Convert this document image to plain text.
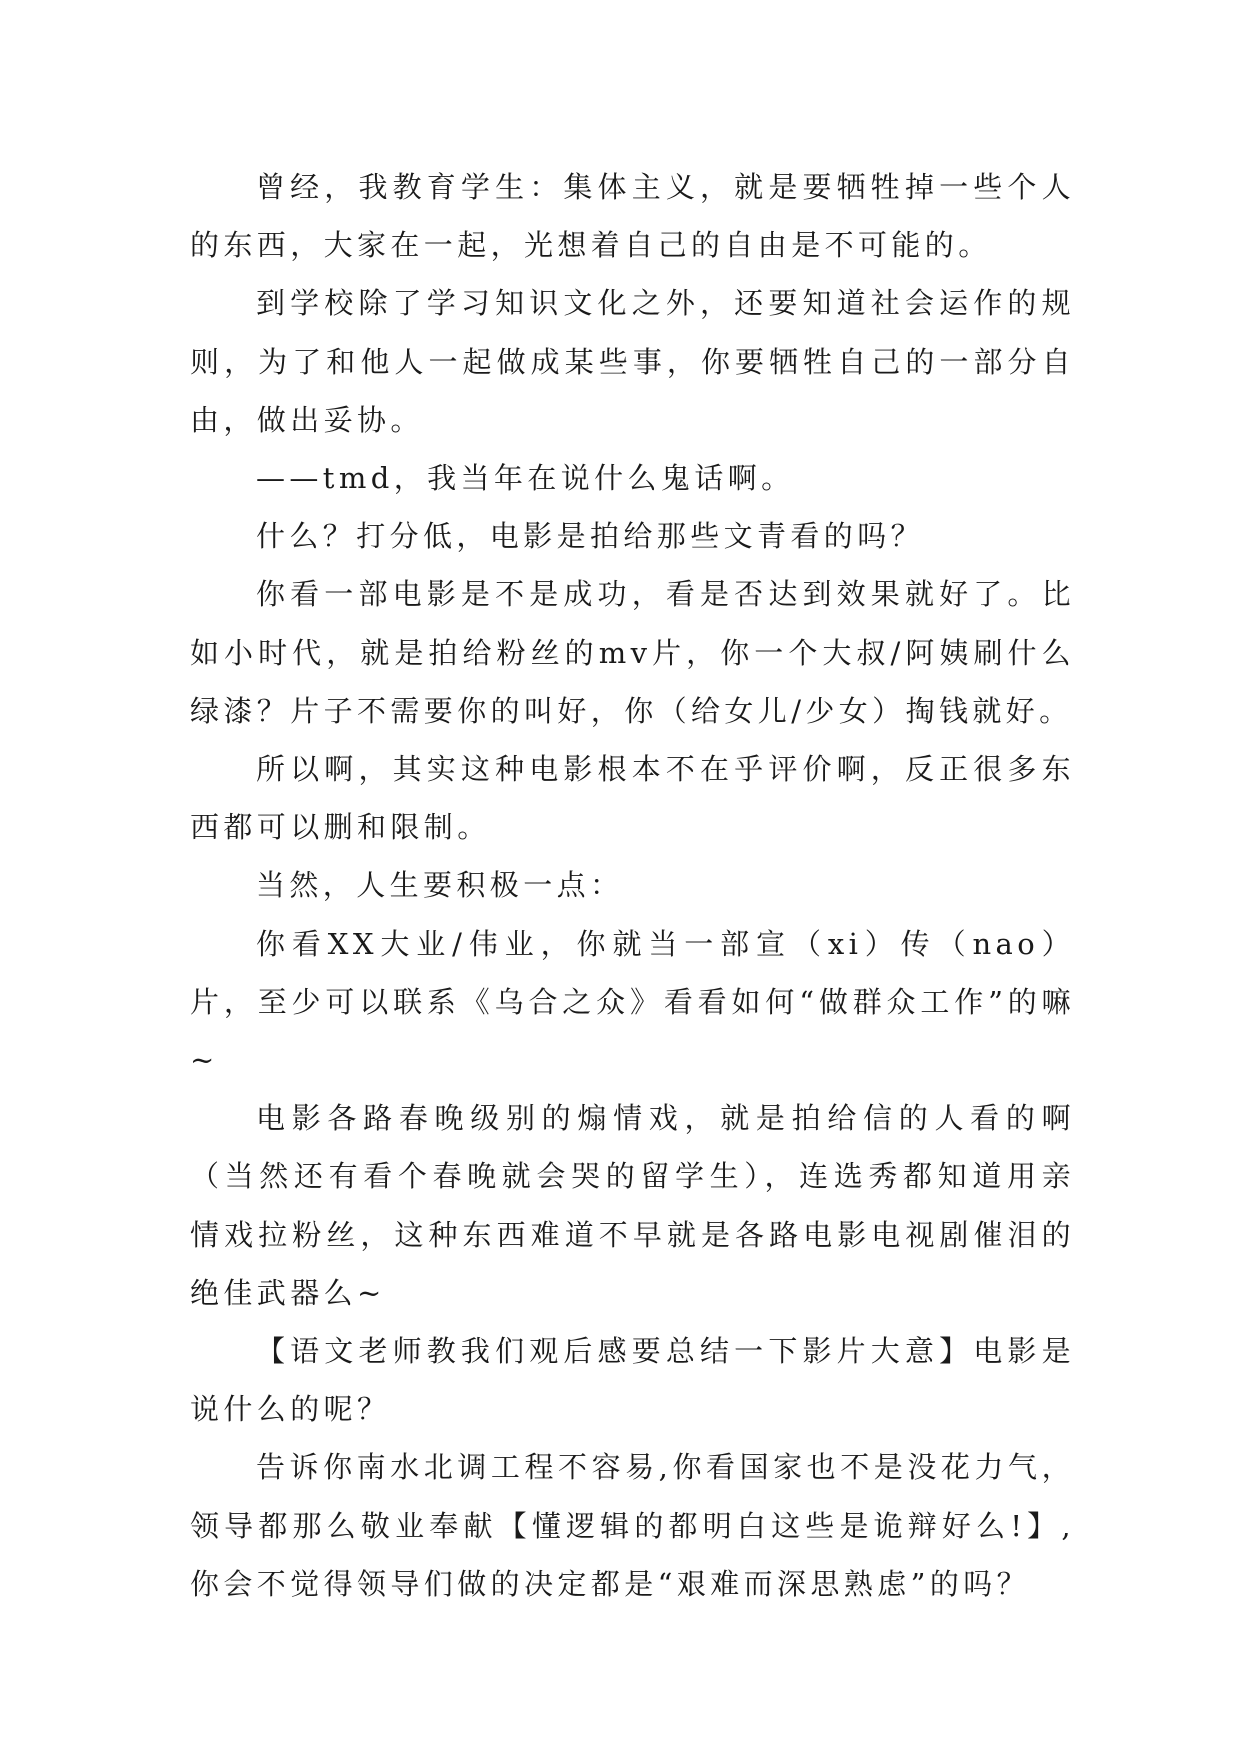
曾经，我教育学生：集体主义，就是要牺牲掉一些个人的东西，大家在一起，光想着自己的自由是不可能的。

到学校除了学习知识文化之外，还要知道社会运作的规则，为了和他人一起做成某些事，你要牺牲自己的一部分自由，做出妥协。

——tmd，我当年在说什么鬼话啊。

什么？打分低，电影是拍给那些文青看的吗？

你看一部电影是不是成功，看是否达到效果就好了。比如小时代，就是拍给粉丝的mv片，你一个大叔/阿姨刷什么绿漆？片子不需要你的叫好，你（给女儿/少女）掏钱就好。

所以啊，其实这种电影根本不在乎评价啊，反正很多东西都可以删和限制。

当然，人生要积极一点：

你看XX大业/伟业，你就当一部宣（xi）传（nao）片，至少可以联系《乌合之众》看看如何“做群众工作”的嘛~

电影各路春晚级别的煽情戏，就是拍给信的人看的啊（当然还有看个春晚就会哭的留学生），连选秀都知道用亲情戏拉粉丝，这种东西难道不早就是各路电影电视剧催泪的绝佳武器么~

【语文老师教我们观后感要总结一下影片大意】电影是说什么的呢？

告诉你南水北调工程不容易,你看国家也不是没花力气，领导都那么敬业奉献【懂逻辑的都明白这些是诡辩好么!】,你会不觉得领导们做的决定都是“艰难而深思熟虑”的吗？
